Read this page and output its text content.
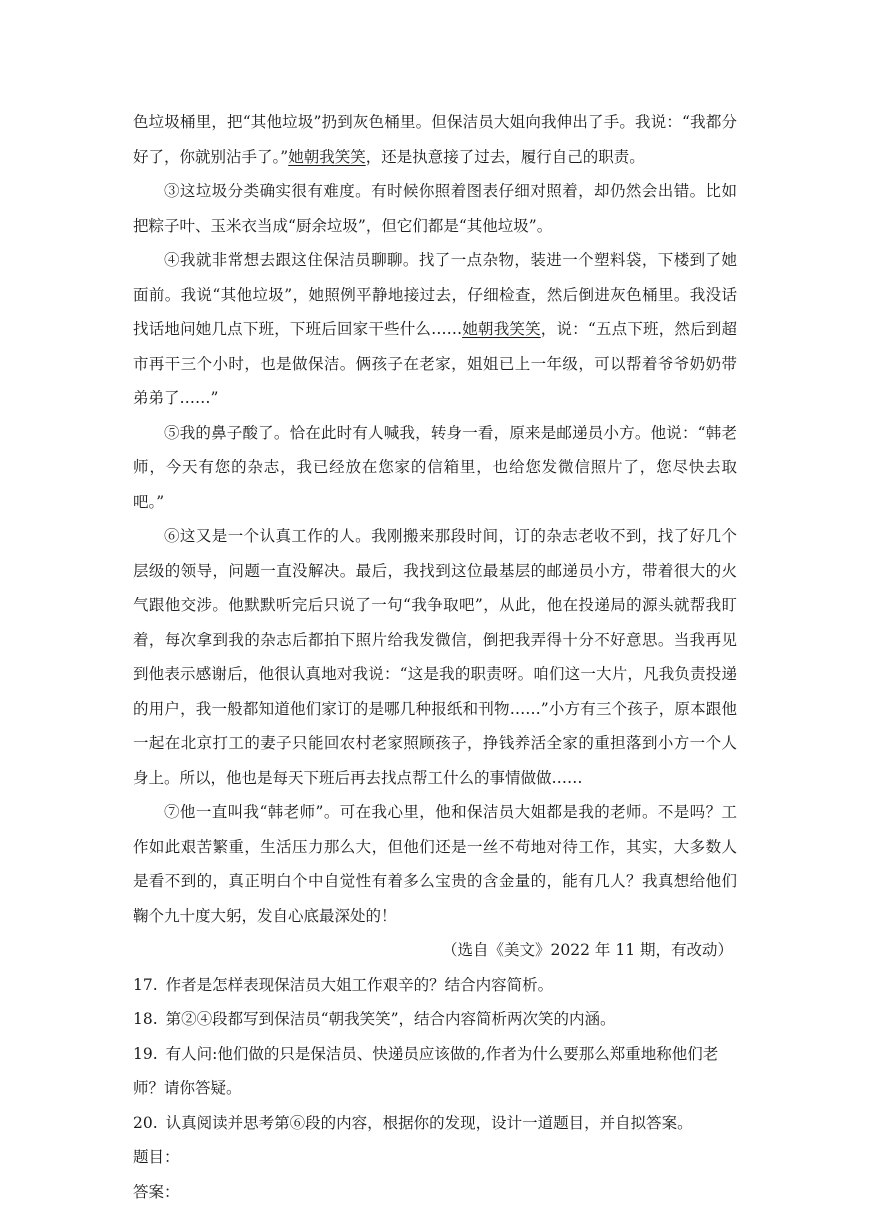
色垃圾桶里，把“其他垃圾”扔到灰色桶里。但保洁员大姐向我伸出了手。我说：“我都分好了，你就别沾手了。”她朝我笑笑，还是执意接了过去，履行自己的职责。

③这垃圾分类确实很有难度。有时候你照着图表仔细对照着，却仍然会出错。比如把粽子叶、玉米衣当成“厨余垃圾”，但它们都是“其他垃圾”。

④我就非常想去跟这住保洁员聊聊。找了一点杂物，装进一个塑料袋，下楼到了她面前。我说“其他垃圾”，她照例平静地接过去，仔细检查，然后倒进灰色桶里。我没话找话地问她几点下班，下班后回家干些什么……她朝我笑笑，说：“五点下班，然后到超市再干三个小时，也是做保洁。俩孩子在老家，姐姐已上一年级，可以帮着爷爷奶奶带弟弟了……”

⑤我的鼻子酸了。恰在此时有人喊我，转身一看，原来是邮递员小方。他说：“韩老师，今天有您的杂志，我已经放在您家的信箱里，也给您发微信照片了，您尽快去取吧。”

⑥这又是一个认真工作的人。我刚搬来那段时间，订的杂志老收不到，找了好几个层级的领导，问题一直没解决。最后，我找到这位最基层的邮递员小方，带着很大的火气跟他交涉。他默默听完后只说了一句“我争取吧”，从此，他在投递局的源头就帮我盯着，每次拿到我的杂志后都拍下照片给我发微信，倒把我弄得十分不好意思。当我再见到他表示感谢后，他很认真地对我说：“这是我的职责呀。咱们这一大片，凡我负责投递的用户，我一般都知道他们家订的是哪几种报纸和刊物……”小方有三个孩子，原本跟他一起在北京打工的妻子只能回农村老家照顾孩子，挣钱养活全家的重担落到小方一个人身上。所以，他也是每天下班后再去找点帮工什么的事情做做……

⑦他一直叫我“韩老师”。可在我心里，他和保洁员大姐都是我的老师。不是吗？工作如此艰苦繁重，生活压力那么大，但他们还是一丝不苟地对待工作，其实，大多数人是看不到的，真正明白个中自觉性有着多么宝贵的含金量的，能有几人？我真想给他们鞠个九十度大躬，发自心底最深处的！

（选自《美文》2022 年 11 期，有改动）

17. 作者是怎样表现保洁员大姐工作艰辛的？结合内容简析。

18. 第②④段都写到保洁员“朝我笑笑”，结合内容简析两次笑的内涵。

19. 有人问:他们做的只是保洁员、快递员应该做的,作者为什么要那么郑重地称他们老师？请你答疑。

20. 认真阅读并思考第⑥段的内容，根据你的发现，设计一道题目，并自拟答案。

题目：

答案：
